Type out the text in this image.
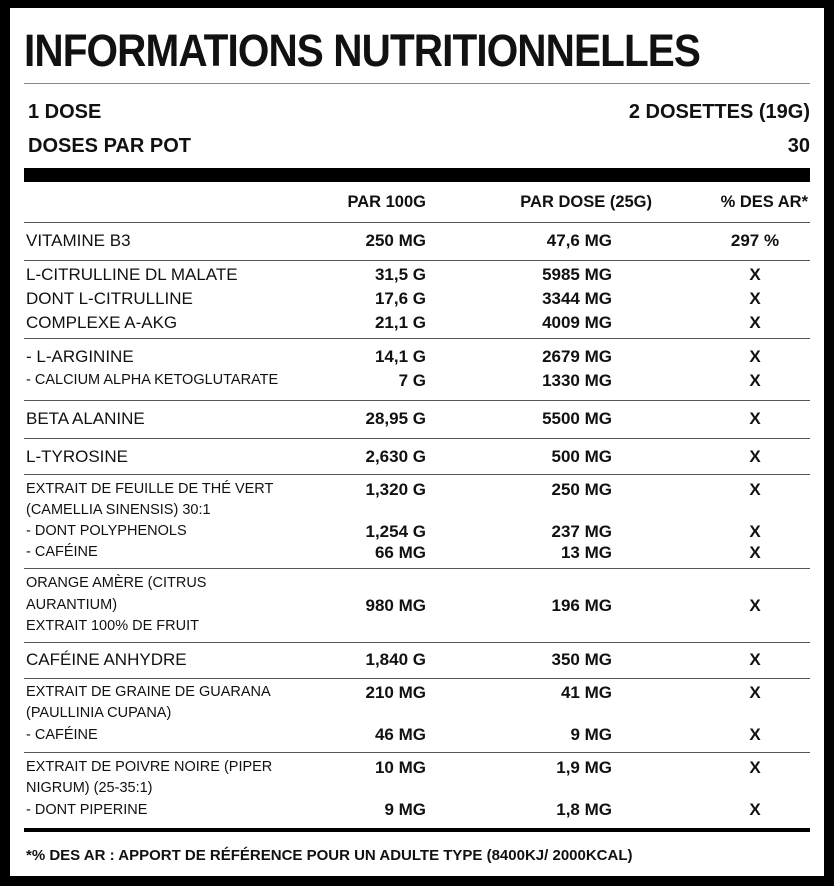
INFORMATIONS NUTRITIONNELLES
1 DOSE	2 DOSETTES (19G)
DOSES PAR POT	30
PAR 100G	PAR DOSE (25G)	% DES AR*
VITAMINE B3	250 MG	47,6 MG	297 %
L-CITRULLINE DL MALATE	31,5 G	5985 MG	X
DONT L-CITRULLINE	17,6 G	3344 MG	X
COMPLEXE A-AKG	21,1 G	4009 MG	X
- L-ARGININE	14,1 G	2679 MG	X
- CALCIUM ALPHA KETOGLUTARATE	7 G	1330 MG	X
BETA ALANINE	28,95 G	5500 MG	X
L-TYROSINE	2,630 G	500 MG	X
EXTRAIT DE FEUILLE DE THÉ VERT	1,320 G	250 MG	X
(CAMELLIA SINENSIS) 30:1
- DONT POLYPHENOLS	1,254 G	237 MG	X
- CAFÉINE	66 MG	13 MG	X
ORANGE AMÈRE (CITRUS
AURANTIUM)	980 MG	196 MG	X
EXTRAIT 100% DE FRUIT
CAFÉINE ANHYDRE	1,840 G	350 MG	X
EXTRAIT DE GRAINE DE GUARANA	210 MG	41 MG	X
(PAULLINIA CUPANA)
- CAFÉINE	46 MG	9 MG	X
EXTRAIT DE POIVRE NOIRE (PIPER	10 MG	1,9 MG	X
NIGRUM) (25-35:1)
- DONT PIPERINE	9 MG	1,8 MG	X
*% DES AR : APPORT DE RÉFÉRENCE POUR UN ADULTE TYPE (8400KJ/ 2000KCAL)
